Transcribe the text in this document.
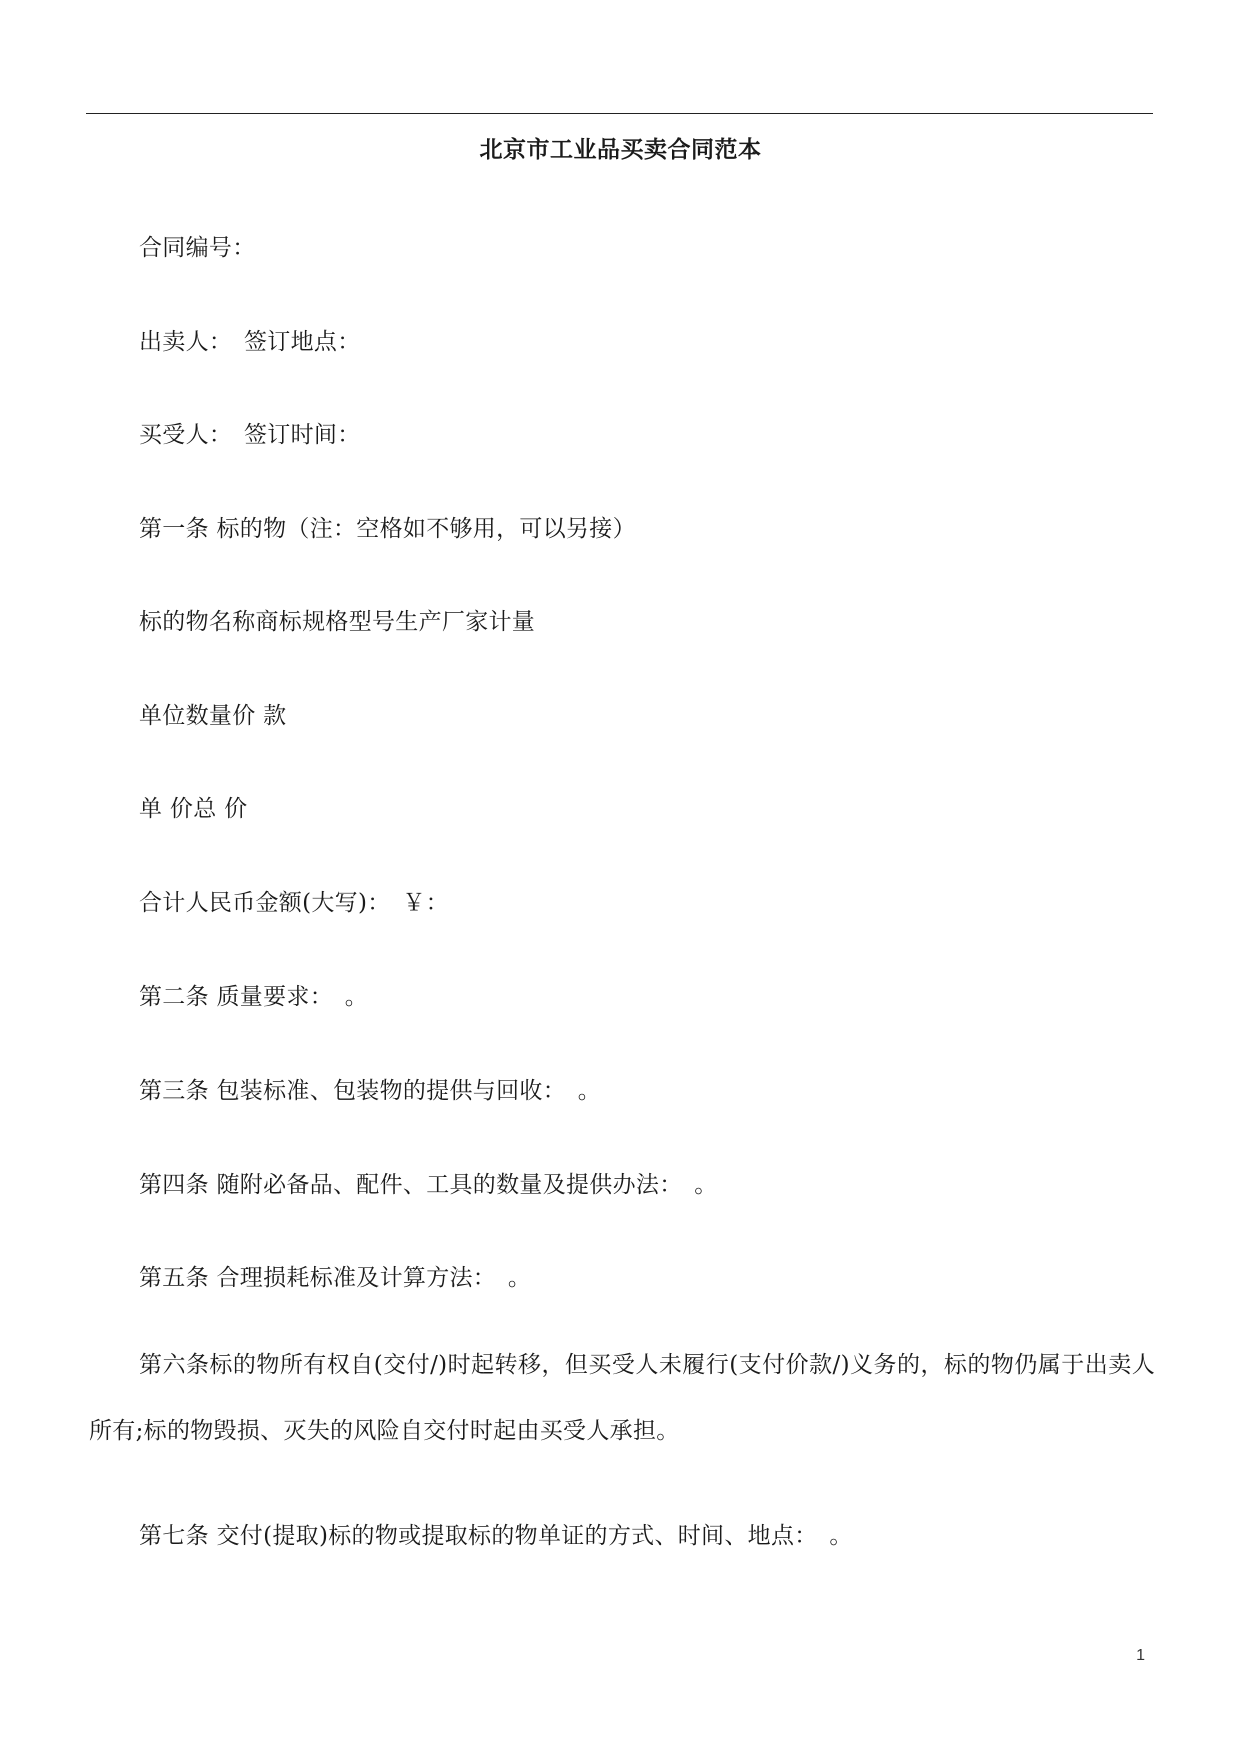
北京市工业品买卖合同范本
合同编号：
出卖人：　签订地点：
买受人：　签订时间：
第一条 标的物（注：空格如不够用，可以另接）
标的物名称商标规格型号生产厂家计量
单位数量价 款
单 价总 价
合计人民币金额(大写)：　￥：
第二条 质量要求：　。
第三条 包装标准、包装物的提供与回收：　。
第四条 随附必备品、配件、工具的数量及提供办法：　。
第五条 合理损耗标准及计算方法：　。
第六条标的物所有权自(交付/)时起转移，但买受人未履行(支付价款/)义务的，标的物仍属于出卖人所有;标的物毁损、灭失的风险自交付时起由买受人承担。
第七条 交付(提取)标的物或提取标的物单证的方式、时间、地点：　。
1
